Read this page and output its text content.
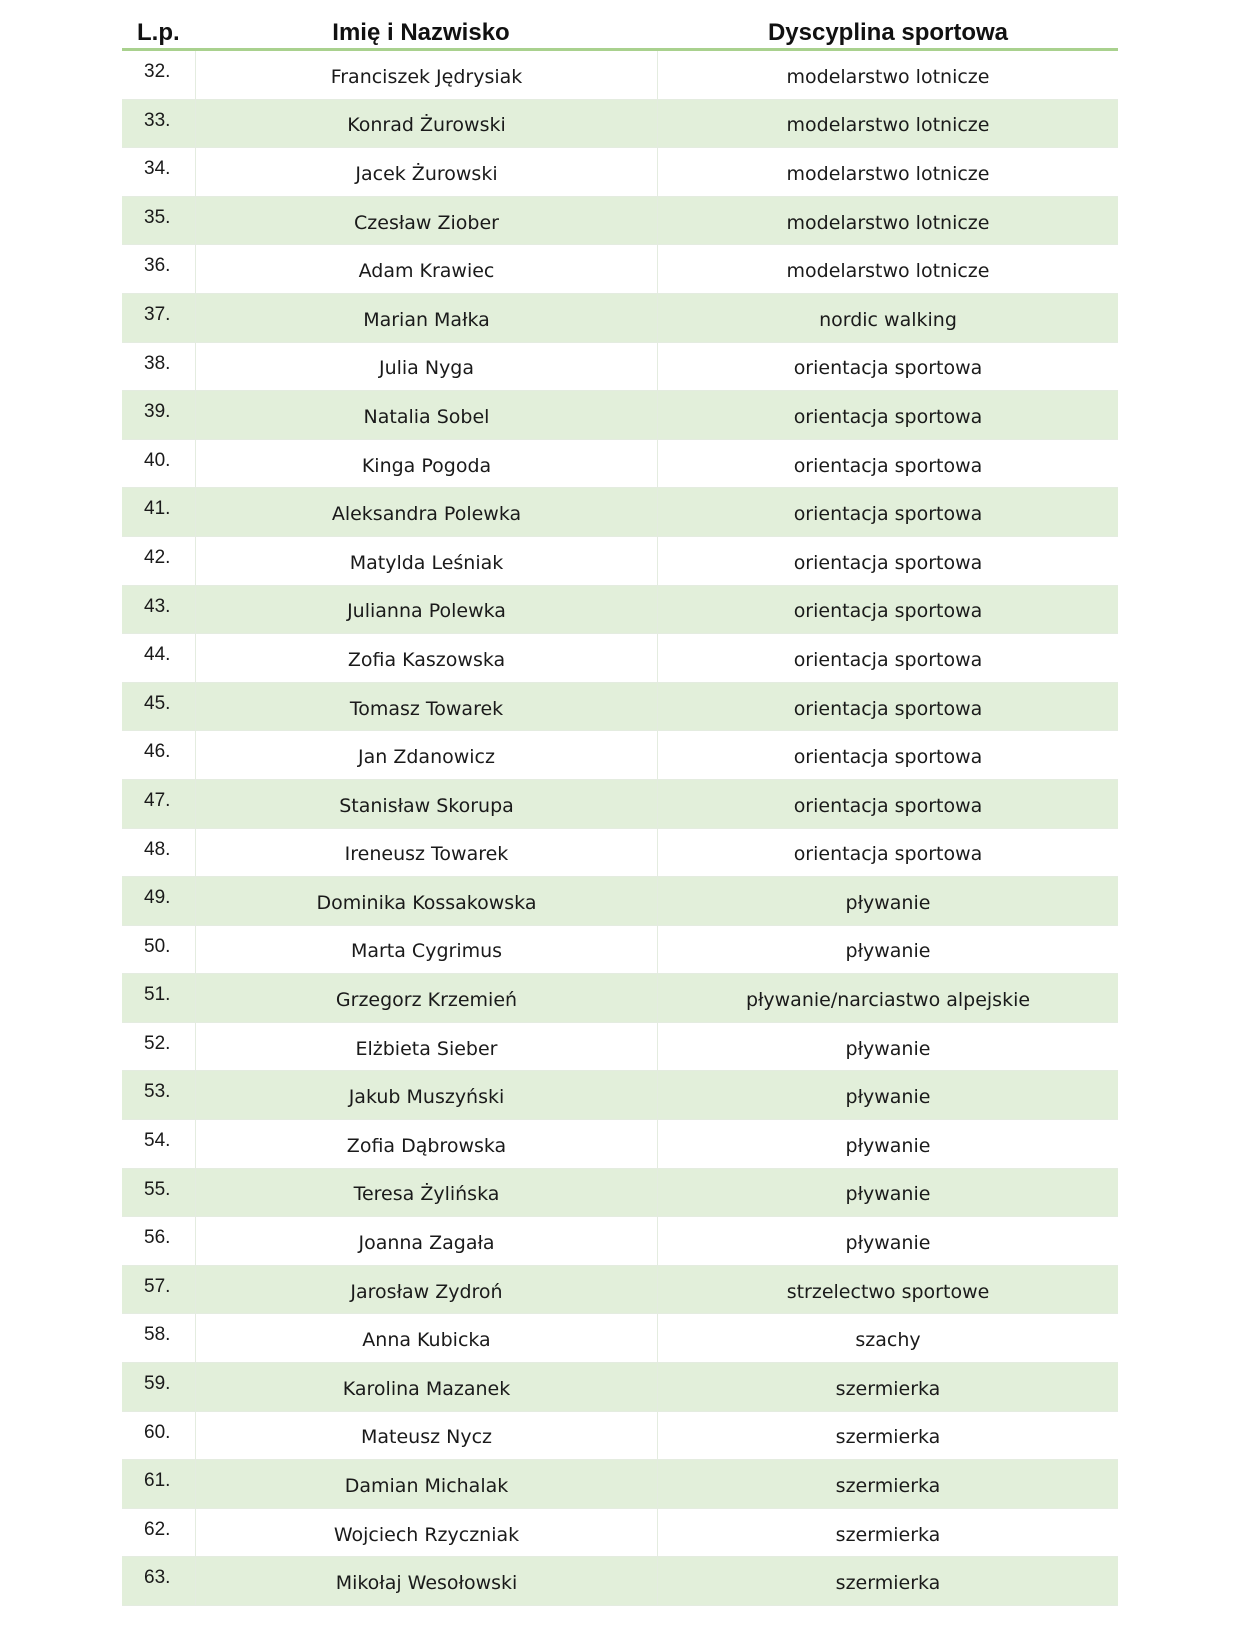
L.p.	Imię i Nazwisko	Dyscyplina sportowa
32.	Franciszek Jędrysiak	modelarstwo lotnicze
33.	Konrad Żurowski	modelarstwo lotnicze
34.	Jacek Żurowski	modelarstwo lotnicze
35.	Czesław Ziober	modelarstwo lotnicze
36.	Adam Krawiec	modelarstwo lotnicze
37.	Marian Małka	nordic walking
38.	Julia Nyga	orientacja sportowa
39.	Natalia Sobel	orientacja sportowa
40.	Kinga Pogoda	orientacja sportowa
41.	Aleksandra Polewka	orientacja sportowa
42.	Matylda Leśniak	orientacja sportowa
43.	Julianna Polewka	orientacja sportowa
44.	Zofia Kaszowska	orientacja sportowa
45.	Tomasz Towarek	orientacja sportowa
46.	Jan Zdanowicz	orientacja sportowa
47.	Stanisław Skorupa	orientacja sportowa
48.	Ireneusz Towarek	orientacja sportowa
49.	Dominika Kossakowska	pływanie
50.	Marta Cygrimus	pływanie
51.	Grzegorz Krzemień	pływanie/narciastwo alpejskie
52.	Elżbieta Sieber	pływanie
53.	Jakub Muszyński	pływanie
54.	Zofia Dąbrowska	pływanie
55.	Teresa Żylińska	pływanie
56.	Joanna Zagała	pływanie
57.	Jarosław Zydroń	strzelectwo sportowe
58.	Anna Kubicka	szachy
59.	Karolina Mazanek	szermierka
60.	Mateusz Nycz	szermierka
61.	Damian Michalak	szermierka
62.	Wojciech Rzyczniak	szermierka
63.	Mikołaj Wesołowski	szermierka
